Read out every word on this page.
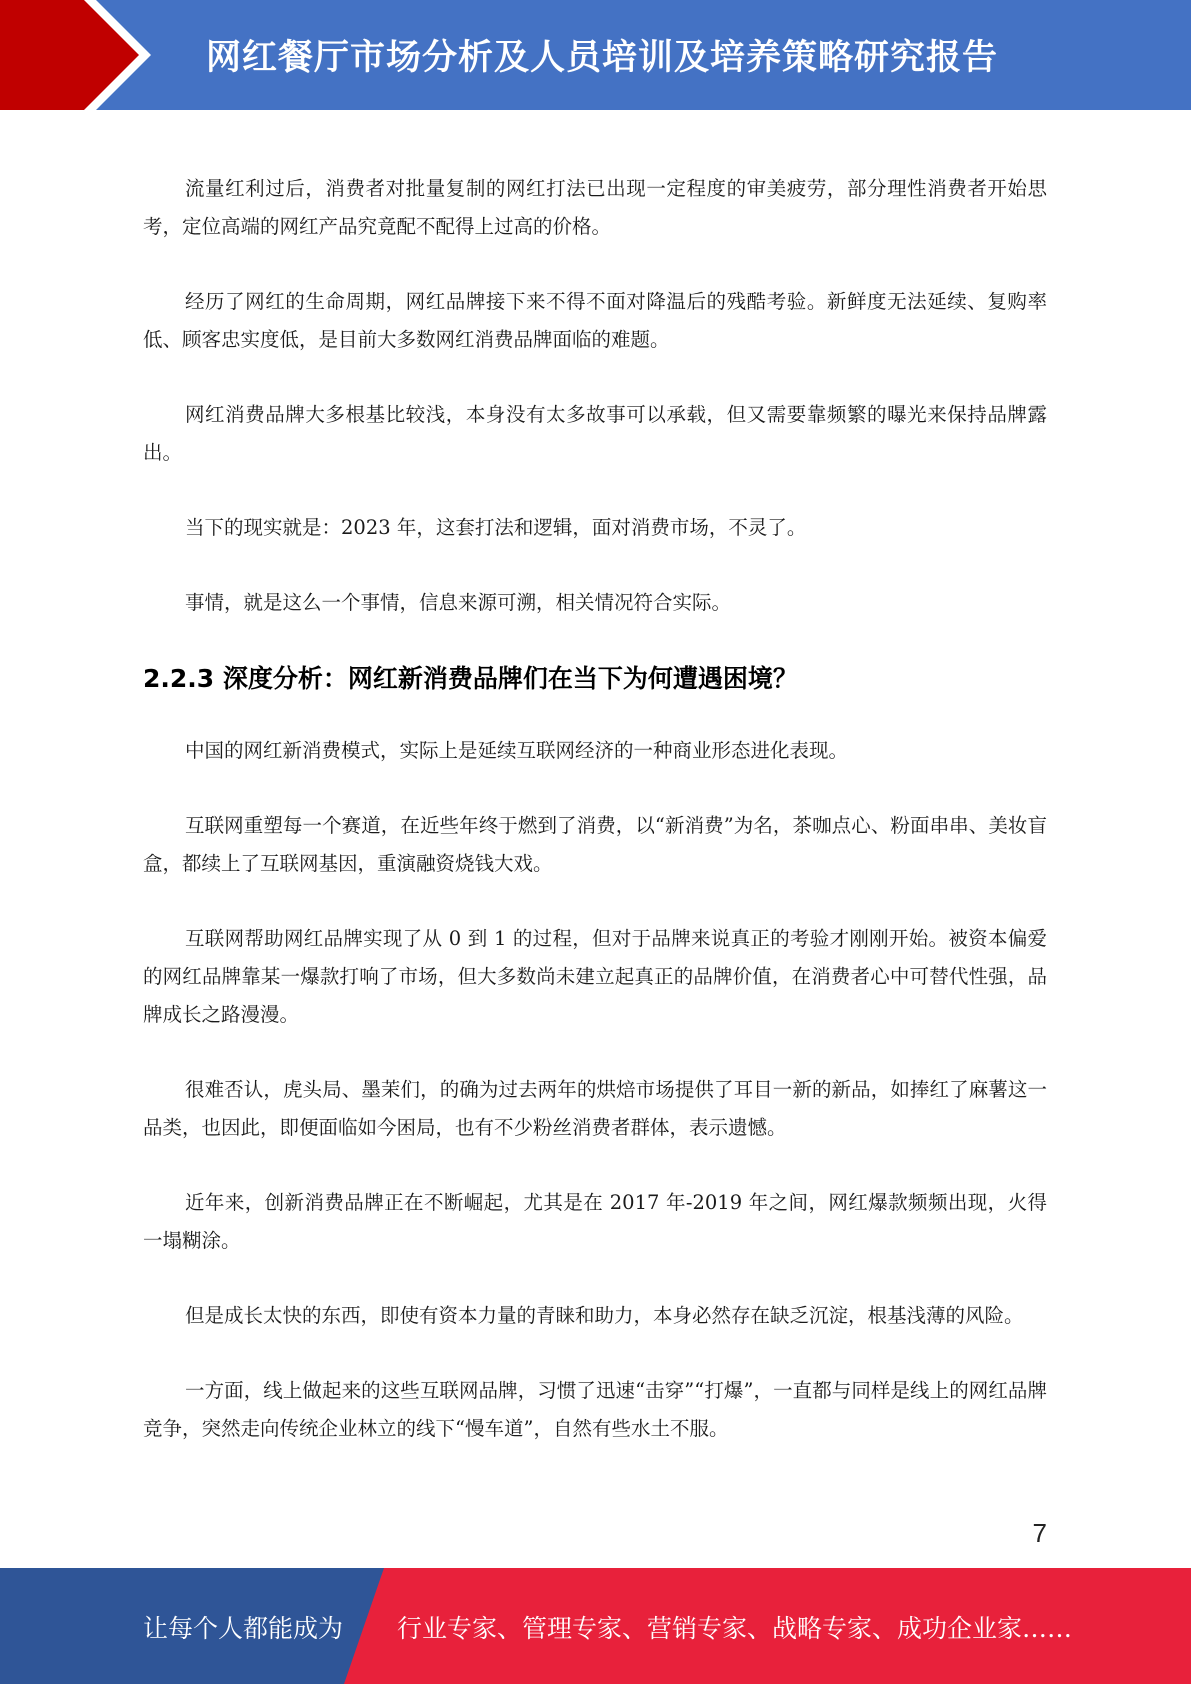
网红餐厅市场分析及人员培训及培养策略研究报告

流量红利过后，消费者对批量复制的网红打法已出现一定程度的审美疲劳，部分理性消费者开始思考，定位高端的网红产品究竟配不配得上过高的价格。

经历了网红的生命周期，网红品牌接下来不得不面对降温后的残酷考验。新鲜度无法延续、复购率低、顾客忠实度低，是目前大多数网红消费品牌面临的难题。

网红消费品牌大多根基比较浅，本身没有太多故事可以承载，但又需要靠频繁的曝光来保持品牌露出。

当下的现实就是：2023 年，这套打法和逻辑，面对消费市场，不灵了。

事情，就是这么一个事情，信息来源可溯，相关情况符合实际。

2.2.3 深度分析：网红新消费品牌们在当下为何遭遇困境？

中国的网红新消费模式，实际上是延续互联网经济的一种商业形态进化表现。

互联网重塑每一个赛道，在近些年终于燃到了消费，以“新消费”为名，茶咖点心、粉面串串、美妆盲盒，都续上了互联网基因，重演融资烧钱大戏。

互联网帮助网红品牌实现了从 0 到 1 的过程，但对于品牌来说真正的考验才刚刚开始。被资本偏爱的网红品牌靠某一爆款打响了市场，但大多数尚未建立起真正的品牌价值，在消费者心中可替代性强，品牌成长之路漫漫。

很难否认，虎头局、墨茉们，的确为过去两年的烘焙市场提供了耳目一新的新品，如捧红了麻薯这一品类，也因此，即便面临如今困局，也有不少粉丝消费者群体，表示遗憾。

近年来，创新消费品牌正在不断崛起，尤其是在 2017 年-2019 年之间，网红爆款频频出现，火得一塌糊涂。

但是成长太快的东西，即使有资本力量的青睐和助力，本身必然存在缺乏沉淀，根基浅薄的风险。

一方面，线上做起来的这些互联网品牌，习惯了迅速“击穿”“打爆”，一直都与同样是线上的网红品牌竞争，突然走向传统企业林立的线下“慢车道”，自然有些水土不服。

7
让每个人都能成为 行业专家、管理专家、营销专家、战略专家、成功企业家……
